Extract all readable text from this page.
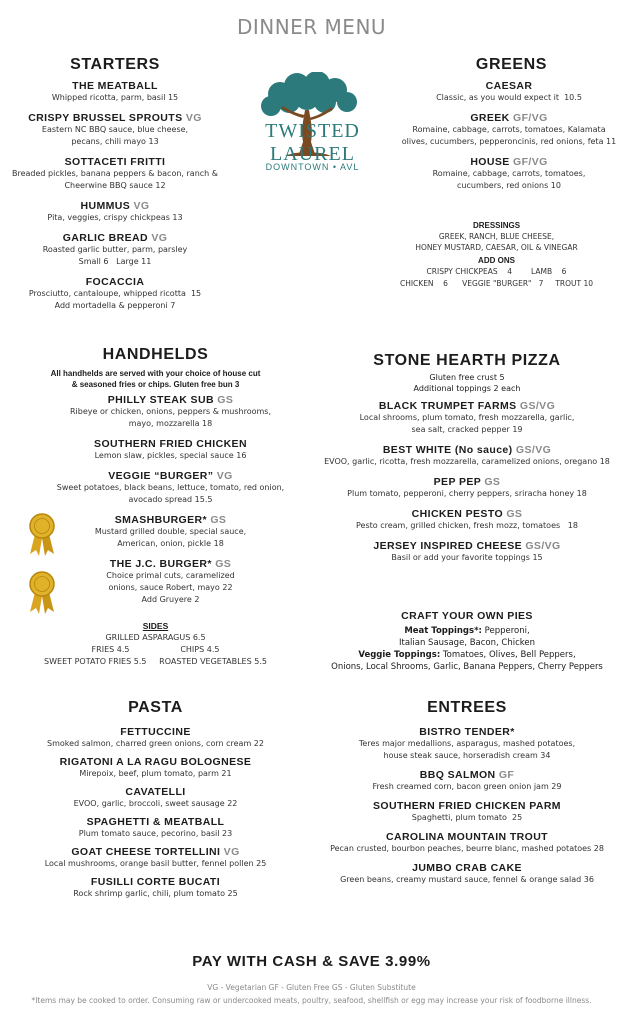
DINNER MENU
TWISTED LAUREL
DOWNTOWN • AVL
STARTERS
THE MEATBALL
Whipped ricotta, parm, basil 15
CRISPY BRUSSEL SPROUTS VG
Eastern NC BBQ sauce, blue cheese,
pecans, chili mayo 13
SOTTACETI FRITTI
Breaded pickles, banana peppers & bacon, ranch &
Cheerwine BBQ sauce 12
HUMMUS VG
Pita, veggies, crispy chickpeas 13
GARLIC BREAD VG
Roasted garlic butter, parm, parsley
Small 6   Large 11
FOCACCIA
Prosciutto, cantaloupe, whipped ricotta  15
Add mortadella & pepperoni 7
GREENS
CAESAR
Classic, as you would expect it  10.5
GREEK GF/VG
Romaine, cabbage, carrots, tomatoes, Kalamata
olives, cucumbers, pepperoncinis, red onions, feta 11
HOUSE GF/VG
Romaine, cabbage, carrots, tomatoes,
cucumbers, red onions 10
DRESSINGS
GREEK, RANCH, BLUE CHEESE,
HONEY MUSTARD, CAESAR, OIL & VINEGAR
ADD ONS
CRISPY CHICKPEAS    4        LAMB    6
CHICKEN    6      VEGGIE "BURGER"   7     TROUT 10
HANDHELDS
All handhelds are served with your choice of house cut
& seasoned fries or chips. Gluten free bun 3
PHILLY STEAK SUB GS
Ribeye or chicken, onions, peppers & mushrooms,
mayo, mozzarella 18
SOUTHERN FRIED CHICKEN
Lemon slaw, pickles, special sauce 16
VEGGIE “BURGER” VG
Sweet potatoes, black beans, lettuce, tomato, red onion,
avocado spread 15.5
SMASHBURGER* GS
Mustard grilled double, special sauce,
American, onion, pickle 18
THE J.C. BURGER* GS
Choice primal cuts, caramelized
onions, sauce Robert, mayo 22
Add Gruyere 2
SIDES
GRILLED ASPARAGUS 6.5
FRIES 4.5                    CHIPS 4.5
SWEET POTATO FRIES 5.5     ROASTED VEGETABLES 5.5
STONE HEARTH PIZZA
Gluten free crust 5
Additional toppings 2 each
BLACK TRUMPET FARMS GS/VG
Local shrooms, plum tomato, fresh mozzarella, garlic,
sea salt, cracked pepper 19
BEST WHITE (No sauce) GS/VG
EVOO, garlic, ricotta, fresh mozzarella, caramelized onions, oregano 18
PEP PEP GS
Plum tomato, pepperoni, cherry peppers, sriracha honey 18
CHICKEN PESTO GS
Pesto cream, grilled chicken, fresh mozz, tomatoes   18
JERSEY INSPIRED CHEESE GS/VG
Basil or add your favorite toppings 15
CRAFT YOUR OWN PIES
Meat Toppings*: Pepperoni,
Italian Sausage, Bacon, Chicken
Veggie Toppings: Tomatoes, Olives, Bell Peppers,
Onions, Local Shrooms, Garlic, Banana Peppers, Cherry Peppers
PASTA
FETTUCCINE
Smoked salmon, charred green onions, corn cream 22
RIGATONI A LA RAGU BOLOGNESE
Mirepoix, beef, plum tomato, parm 21
CAVATELLI
EVOO, garlic, broccoli, sweet sausage 22
SPAGHETTI & MEATBALL
Plum tomato sauce, pecorino, basil 23
GOAT CHEESE TORTELLINI VG
Local mushrooms, orange basil butter, fennel pollen 25
FUSILLI CORTE BUCATI
Rock shrimp garlic, chili, plum tomato 25
ENTREES
BISTRO TENDER*
Teres major medallions, asparagus, mashed potatoes,
house steak sauce, horseradish cream 34
BBQ SALMON GF
Fresh creamed corn, bacon green onion jam 29
SOUTHERN FRIED CHICKEN PARM
Spaghetti, plum tomato  25
CAROLINA MOUNTAIN TROUT
Pecan crusted, bourbon peaches, beurre blanc, mashed potatoes 28
JUMBO CRAB CAKE
Green beans, creamy mustard sauce, fennel & orange salad 36
PAY WITH CASH & SAVE 3.99%
VG - Vegetarian GF - Gluten Free GS - Gluten Substitute
*Items may be cooked to order. Consuming raw or undercooked meats, poultry, seafood, shellfish or egg may increase your risk of foodborne illness.
